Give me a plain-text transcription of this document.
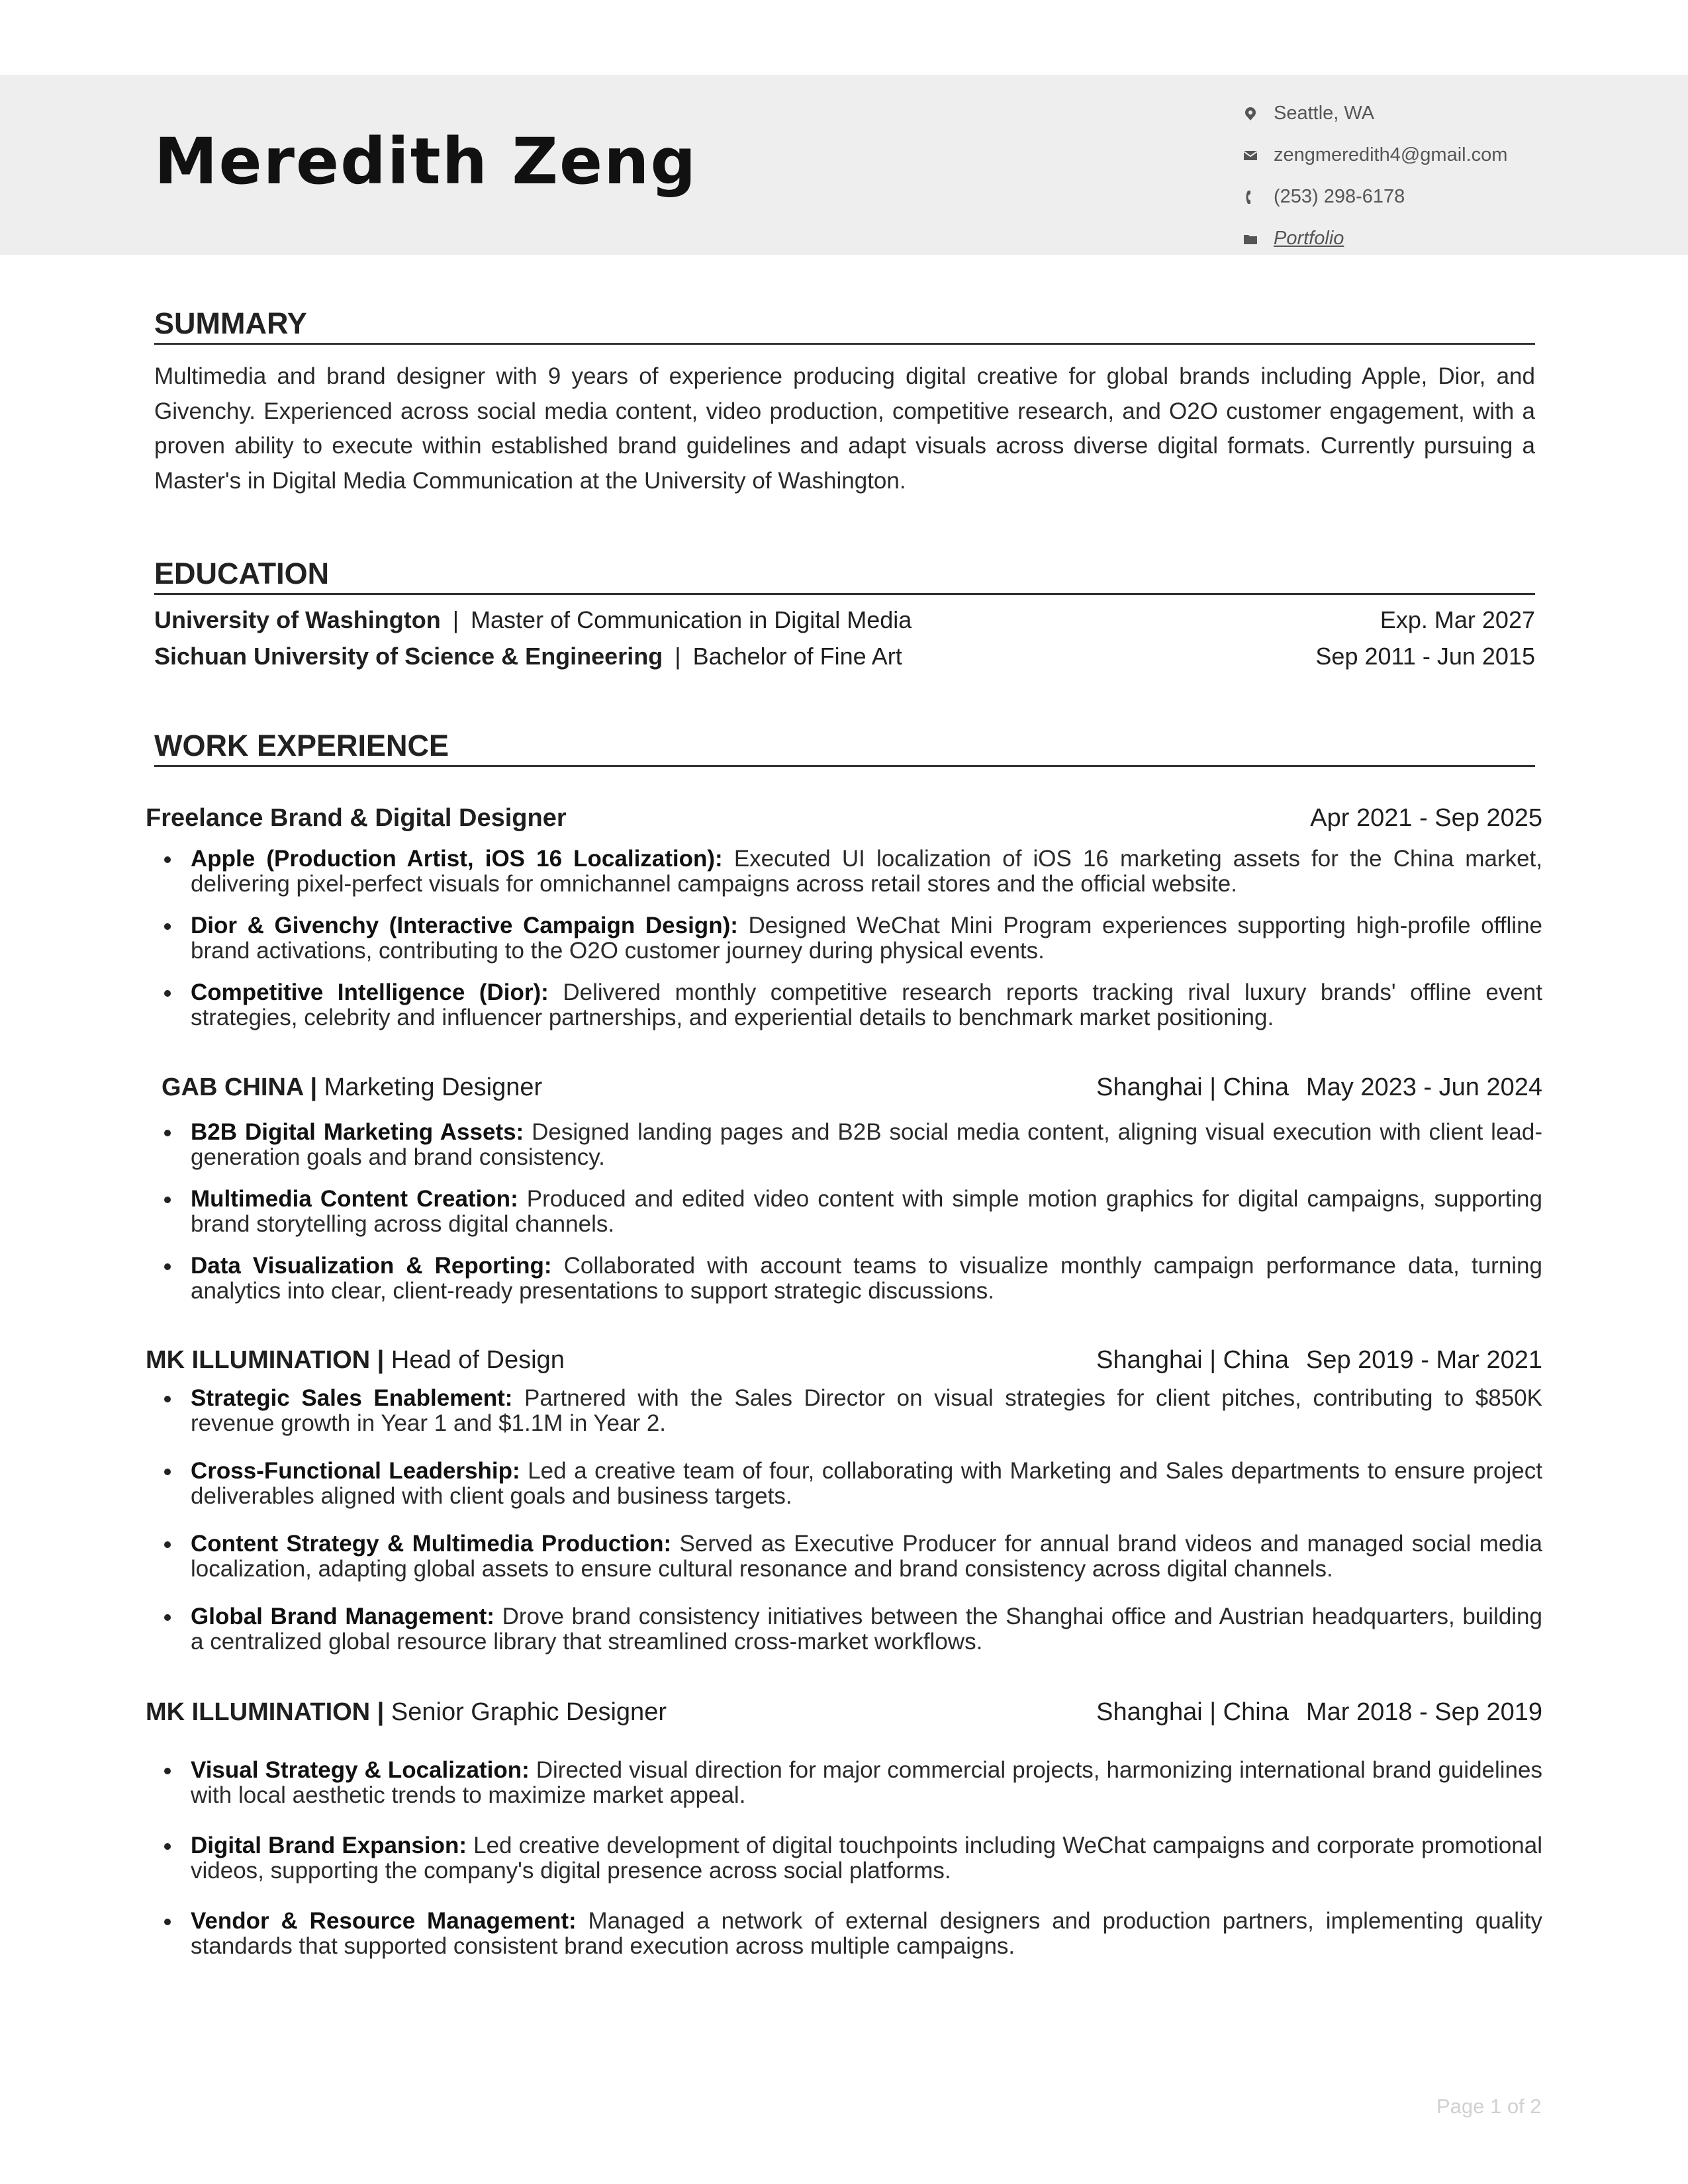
Meredith Zeng
Seattle, WA
zengmeredith4@gmail.com
(253) 298-6178
Portfolio
SUMMARY

Multimedia and brand designer with 9 years of experience producing digital creative for global brands including Apple, Dior, and Givenchy. Experienced across social media content, video production, competitive research, and O2O customer engagement, with a proven ability to execute within established brand guidelines and adapt visuals across diverse digital formats. Currently pursuing a Master's in Digital Media Communication at the University of Washington.

EDUCATION
University of Washington | Master of Communication in Digital Media	Exp. Mar 2027
Sichuan University of Science & Engineering | Bachelor of Fine Art	Sep 2011 - Jun 2015
WORK EXPERIENCE
Freelance Brand & Digital Designer	Apr 2021 - Sep 2025
Apple (Production Artist, iOS 16 Localization): Executed UI localization of iOS 16 marketing assets for the China market, delivering pixel-perfect visuals for omnichannel campaigns across retail stores and the official website.
Dior & Givenchy (Interactive Campaign Design): Designed WeChat Mini Program experiences supporting high-profile offline brand activations, contributing to the O2O customer journey during physical events.
Competitive Intelligence (Dior): Delivered monthly competitive research reports tracking rival luxury brands' offline event strategies, celebrity and influencer partnerships, and experiential details to benchmark market positioning.
GAB CHINA | Marketing Designer	Shanghai | China May 2023 - Jun 2024
B2B Digital Marketing Assets: Designed landing pages and B2B social media content, aligning visual execution with client lead-generation goals and brand consistency.
Multimedia Content Creation: Produced and edited video content with simple motion graphics for digital campaigns, supporting brand storytelling across digital channels.
Data Visualization & Reporting: Collaborated with account teams to visualize monthly campaign performance data, turning analytics into clear, client-ready presentations to support strategic discussions.
MK ILLUMINATION | Head of Design	Shanghai | China Sep 2019 - Mar 2021
Strategic Sales Enablement: Partnered with the Sales Director on visual strategies for client pitches, contributing to $850K revenue growth in Year 1 and $1.1M in Year 2.
Cross-Functional Leadership: Led a creative team of four, collaborating with Marketing and Sales departments to ensure project deliverables aligned with client goals and business targets.
Content Strategy & Multimedia Production: Served as Executive Producer for annual brand videos and managed social media localization, adapting global assets to ensure cultural resonance and brand consistency across digital channels.
Global Brand Management: Drove brand consistency initiatives between the Shanghai office and Austrian headquarters, building a centralized global resource library that streamlined cross-market workflows.
MK ILLUMINATION | Senior Graphic Designer	Shanghai | China Mar 2018 - Sep 2019
Visual Strategy & Localization: Directed visual direction for major commercial projects, harmonizing international brand guidelines with local aesthetic trends to maximize market appeal.
Digital Brand Expansion: Led creative development of digital touchpoints including WeChat campaigns and corporate promotional videos, supporting the company's digital presence across social platforms.
Vendor & Resource Management: Managed a network of external designers and production partners, implementing quality standards that supported consistent brand execution across multiple campaigns.
Page 1 of 2
